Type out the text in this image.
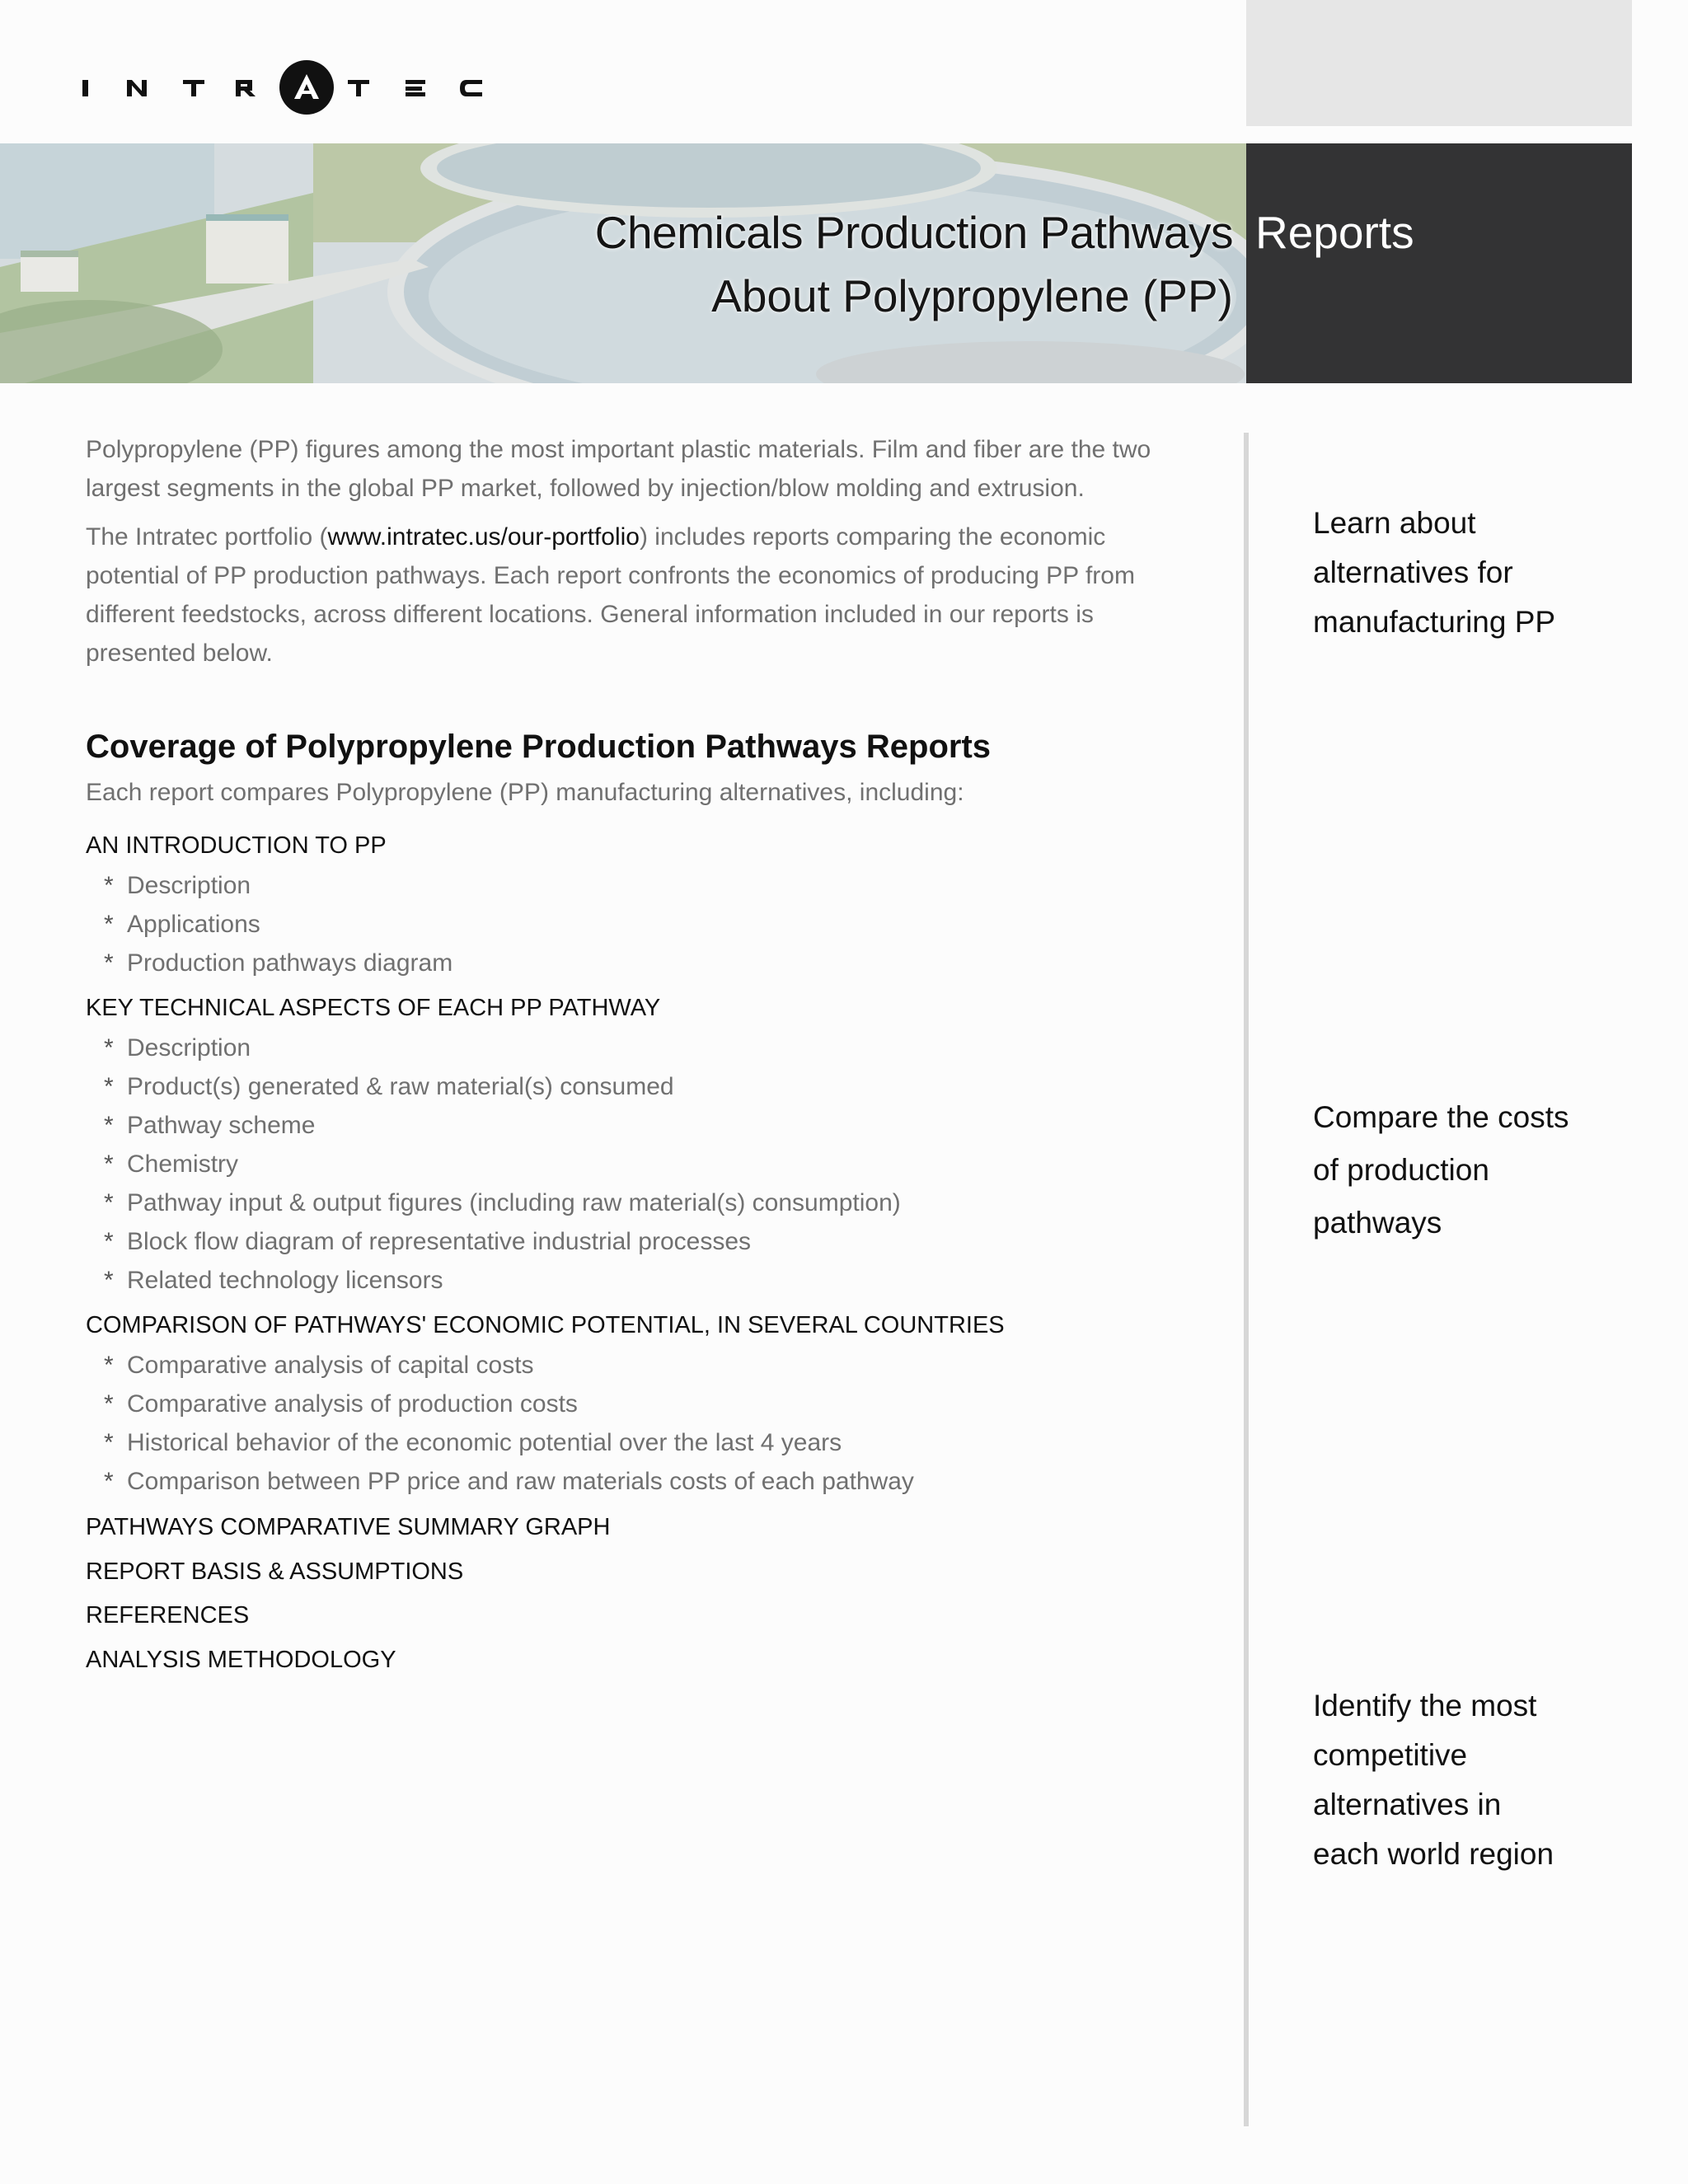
Chemicals Production Pathways Reports
About Polypropylene (PP)

Polypropylene (PP) figures among the most important plastic materials. Film and fiber are the two largest segments in the global PP market, followed by injection/blow molding and extrusion.

The Intratec portfolio (www.intratec.us/our-portfolio) includes reports comparing the economic potential of PP production pathways. Each report confronts the economics of producing PP from different feedstocks, across different locations. General information included in our reports is presented below.

Coverage of Polypropylene Production Pathways Reports

Each report compares Polypropylene (PP) manufacturing alternatives, including:

AN INTRODUCTION TO PP

* Description
* Applications
* Production pathways diagram

KEY TECHNICAL ASPECTS OF EACH PP PATHWAY

* Description
* Product(s) generated & raw material(s) consumed
* Pathway scheme
* Chemistry
* Pathway input & output figures (including raw material(s) consumption)
* Block flow diagram of representative industrial processes
* Related technology licensors

COMPARISON OF PATHWAYS' ECONOMIC POTENTIAL, IN SEVERAL COUNTRIES

* Comparative analysis of capital costs
* Comparative analysis of production costs
* Historical behavior of the economic potential over the last 4 years
* Comparison between PP price and raw materials costs of each pathway

PATHWAYS COMPARATIVE SUMMARY GRAPH

REPORT BASIS & ASSUMPTIONS

REFERENCES

ANALYSIS METHODOLOGY

Learn about
alternatives for
manufacturing PP
Compare the costs
of production
pathways
Identify the most
competitive
alternatives in
each world region
